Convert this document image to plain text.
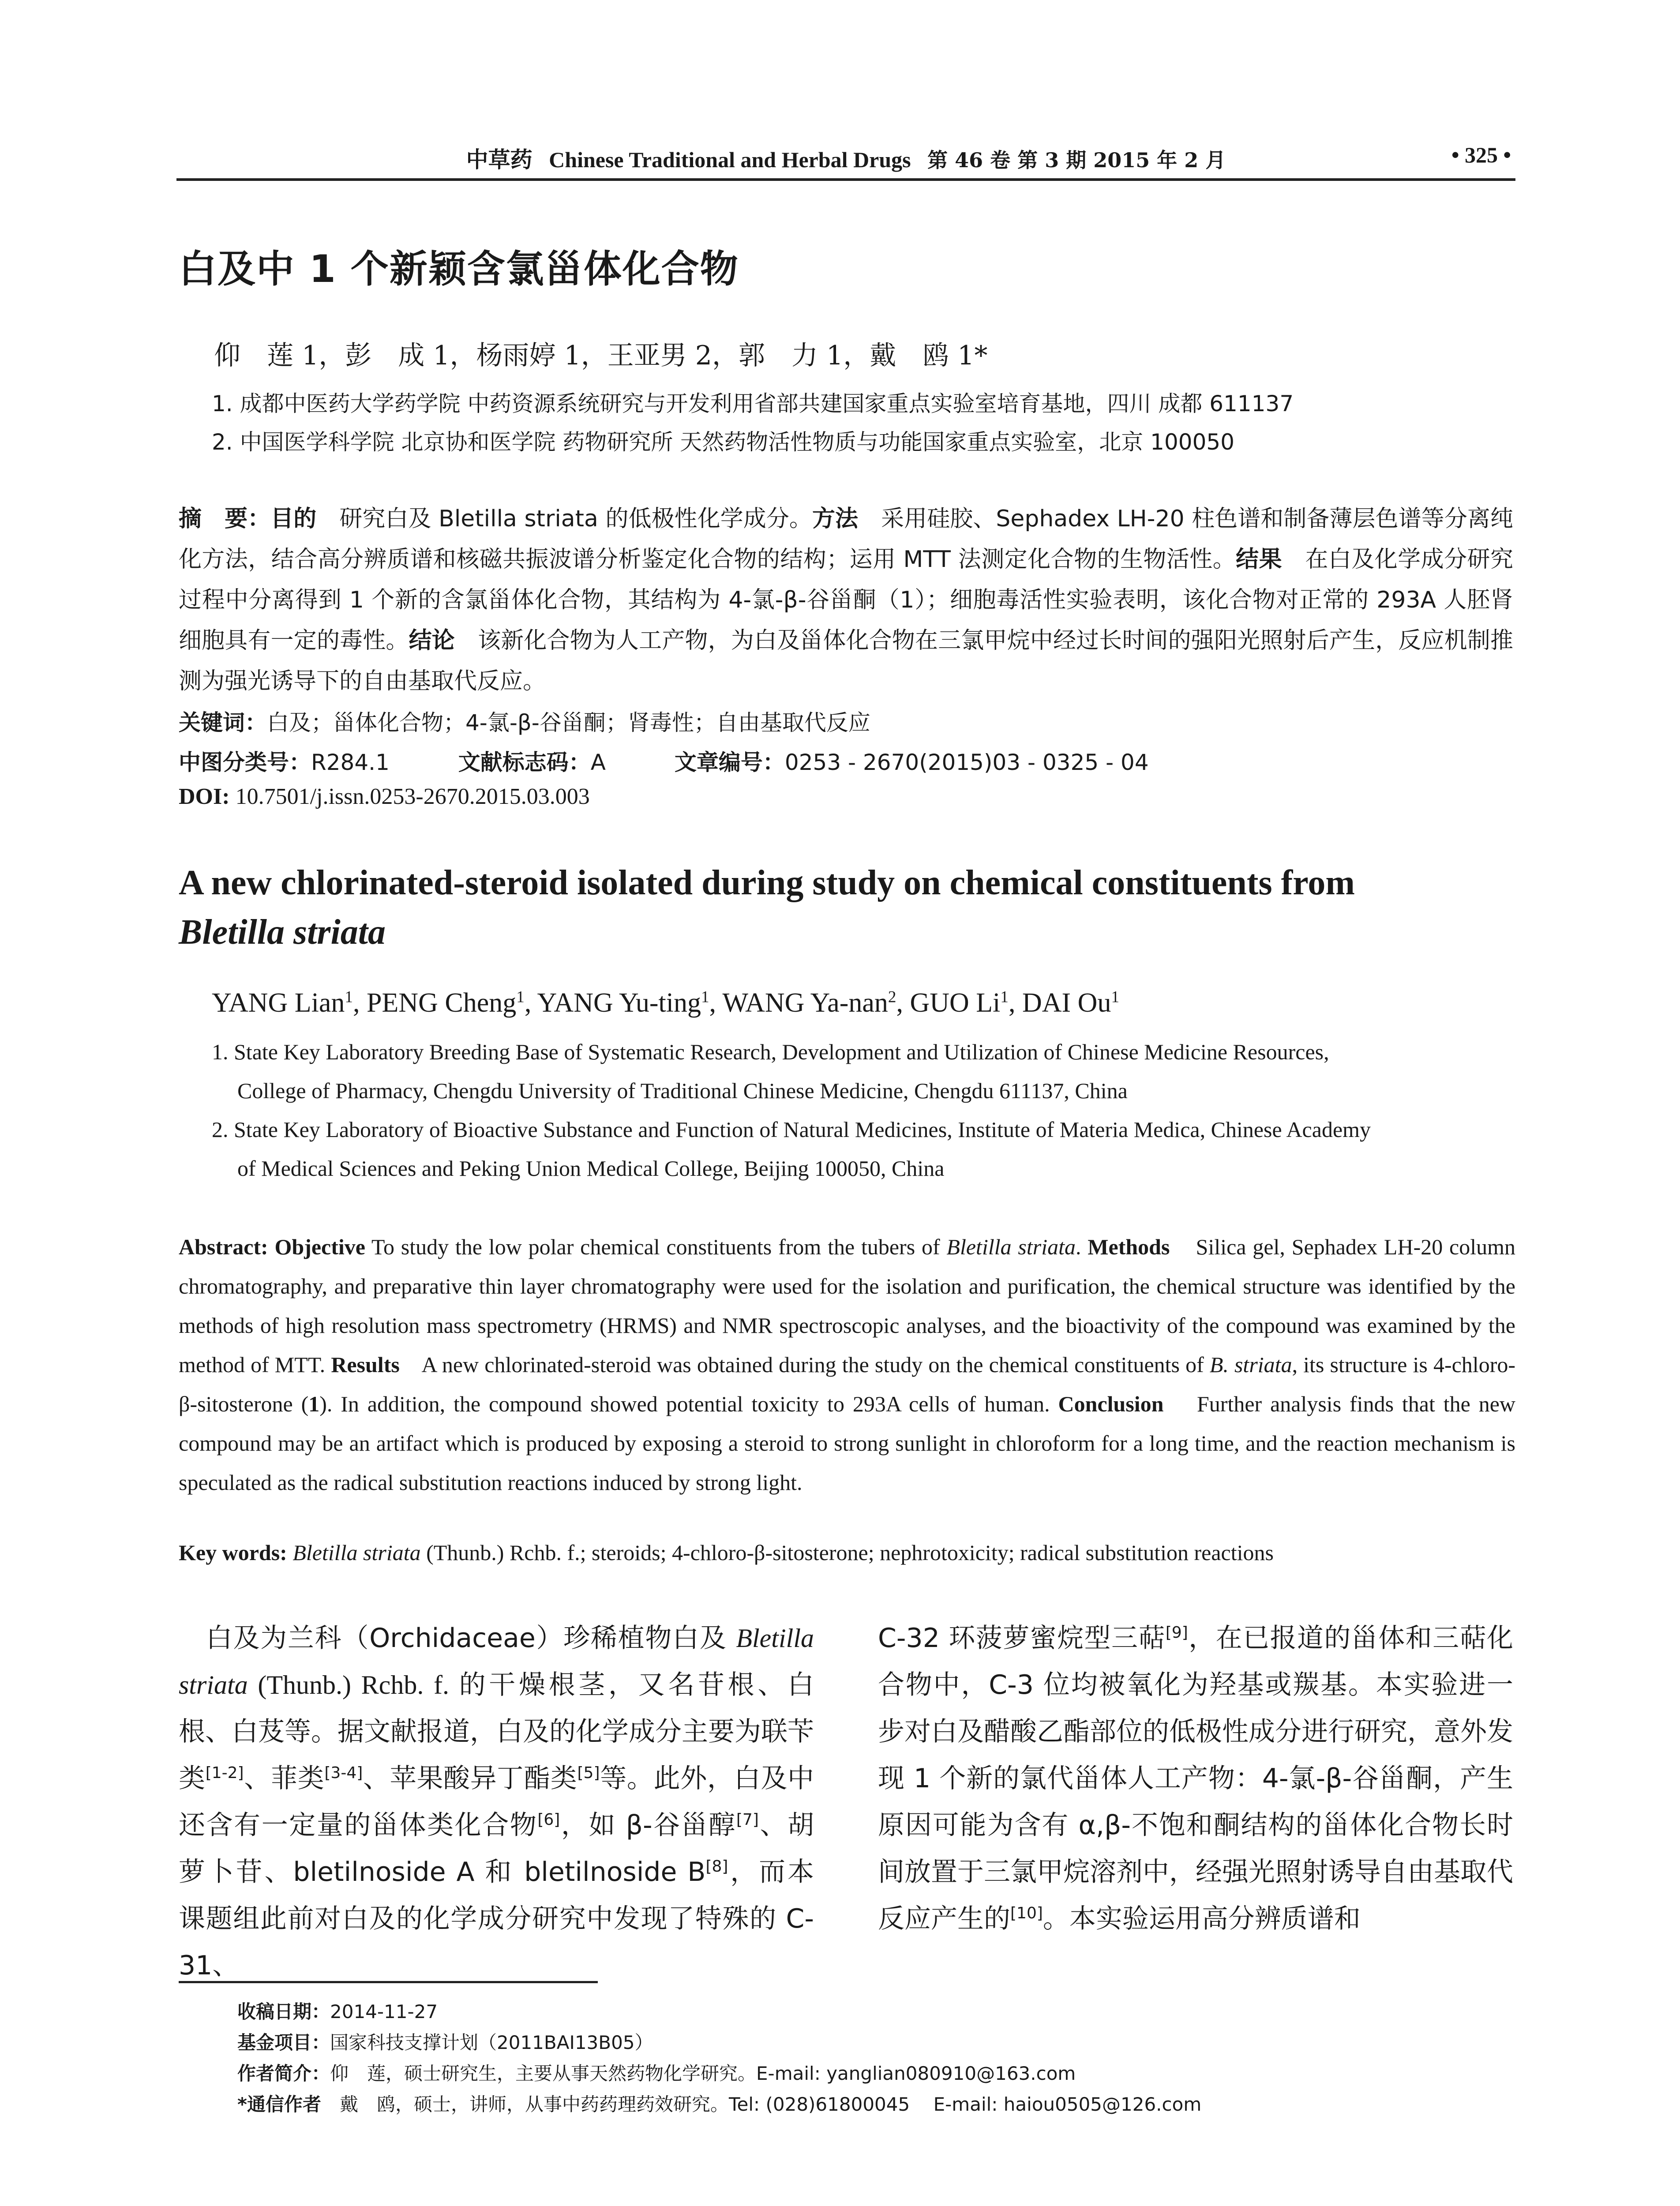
中草药 Chinese Traditional and Herbal Drugs 第 46 卷 第 3 期 2015 年 2 月	• 325 •
白及中 1 个新颖含氯甾体化合物
仰　莲 1，彭　成 1，杨雨婷 1，王亚男 2，郭　力 1，戴　鸥 1*
1. 成都中医药大学药学院 中药资源系统研究与开发利用省部共建国家重点实验室培育基地，四川 成都 611137
2. 中国医学科学院 北京协和医学院 药物研究所 天然药物活性物质与功能国家重点实验室，北京 100050
摘　要：目的　研究白及 Bletilla striata 的低极性化学成分。方法　采用硅胶、Sephadex LH-20 柱色谱和制备薄层色谱等分离纯化方法，结合高分辨质谱和核磁共振波谱分析鉴定化合物的结构；运用 MTT 法测定化合物的生物活性。结果　在白及化学成分研究过程中分离得到 1 个新的含氯甾体化合物，其结构为 4-氯-β-谷甾酮（1）；细胞毒活性实验表明，该化合物对正常的 293A 人胚肾细胞具有一定的毒性。结论　该新化合物为人工产物，为白及甾体化合物在三氯甲烷中经过长时间的强阳光照射后产生，反应机制推测为强光诱导下的自由基取代反应。
关键词：白及；甾体化合物；4-氯-β-谷甾酮；肾毒性；自由基取代反应
中图分类号：R284.1	文献标志码：A	文章编号：0253 - 2670(2015)03 - 0325 - 04
DOI: 10.7501/j.issn.0253-2670.2015.03.003
A new chlorinated-steroid isolated during study on chemical constituents from
Bletilla striata
YANG Lian$^1$, PENG Cheng$^1$, YANG Yu-ting$^1$, WANG Ya-nan$^2$, GUO Li$^1$, DAI Ou$^1$
1. State Key Laboratory Breeding Base of Systematic Research, Development and Utilization of Chinese Medicine Resources,
College of Pharmacy, Chengdu University of Traditional Chinese Medicine, Chengdu 611137, China
2. State Key Laboratory of Bioactive Substance and Function of Natural Medicines, Institute of Materia Medica, Chinese Academy
of Medical Sciences and Peking Union Medical College, Beijing 100050, China
Abstract: Objective To study the low polar chemical constituents from the tubers of Bletilla striata. Methods    Silica gel, Sephadex LH-20 column chromatography, and preparative thin layer chromatography were used for the isolation and purification, the chemical structure was identified by the methods of high resolution mass spectrometry (HRMS) and NMR spectroscopic analyses, and the bioactivity of the compound was examined by the method of MTT. Results    A new chlorinated-steroid was obtained during the study on the chemical constituents of B. striata, its structure is 4-chloro-β-sitosterone (1). In addition, the compound showed potential toxicity to 293A cells of human. Conclusion    Further analysis finds that the new compound may be an artifact which is produced by exposing a steroid to strong sunlight in chloroform for a long time, and the reaction mechanism is speculated as the radical substitution reactions induced by strong light.
Key words: Bletilla striata (Thunb.) Rchb. f.; steroids; 4-chloro-β-sitosterone; nephrotoxicity; radical substitution reactions
　白及为兰科（Orchidaceae）珍稀植物白及 Bletilla striata (Thunb.) Rchb. f. 的干燥根茎，又名苷根、白根、白芨等。据文献报道，白及的化学成分主要为联苄类[1-2]、菲类[3-4]、苹果酸异丁酯类[5]等。此外，白及中还含有一定量的甾体类化合物[6]，如 β-谷甾醇[7]、胡萝卜苷、bletilnoside A 和 bletilnoside B[8]，而本课题组此前对白及的化学成分研究中发现了特殊的 C-31、
C-32 环菠萝蜜烷型三萜[9]，在已报道的甾体和三萜化合物中，C-3 位均被氧化为羟基或羰基。本实验进一步对白及醋酸乙酯部位的低极性成分进行研究，意外发现 1 个新的氯代甾体人工产物：4-氯-β-谷甾酮，产生原因可能为含有 α,β-不饱和酮结构的甾体化合物长时间放置于三氯甲烷溶剂中，经强光照射诱导自由基取代反应产生的[10]。本实验运用高分辨质谱和
收稿日期：2014-11-27
基金项目：国家科技支撑计划（2011BAI13B05）
作者简介：仰　莲，硕士研究生，主要从事天然药物化学研究。E-mail: yanglian080910@163.com
*通信作者　戴　鸥，硕士，讲师，从事中药药理药效研究。Tel: (028)61800045    E-mail: haiou0505@126.com
